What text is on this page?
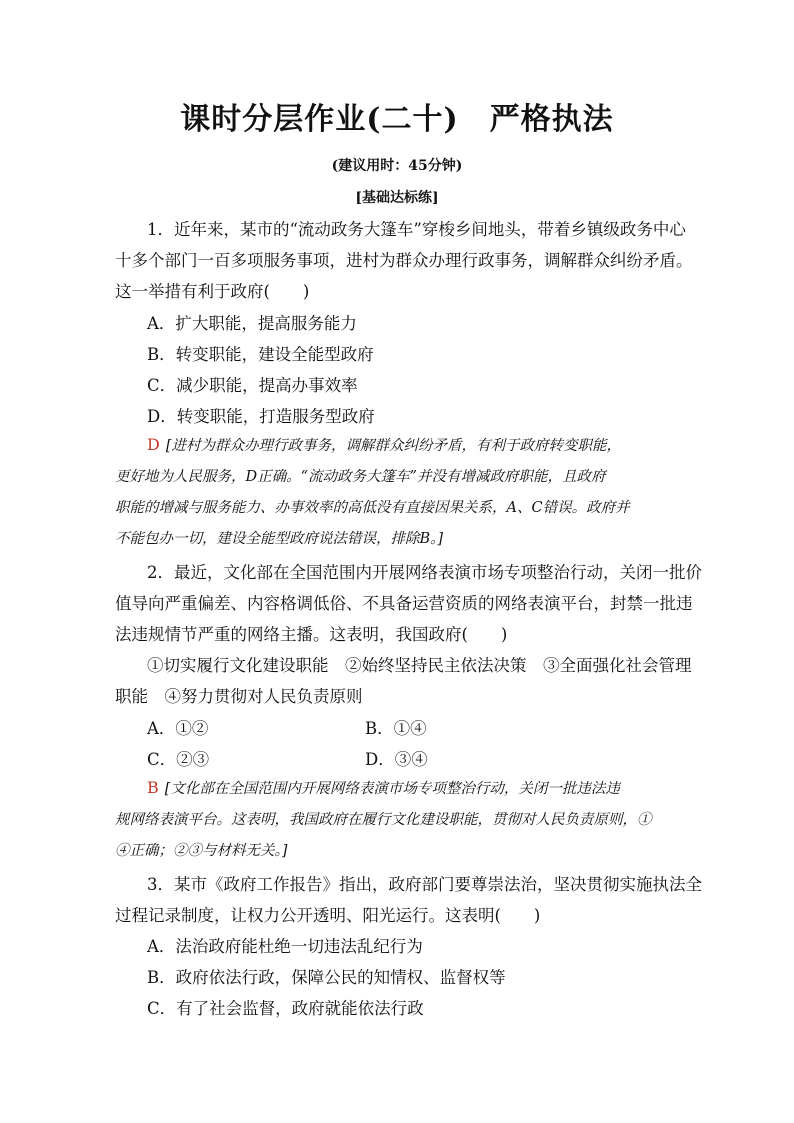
课时分层作业(二十)　严格执法
(建议用时：45分钟)
[基础达标练]
1．近年来，某市的“流动政务大篷车”穿梭乡间地头，带着乡镇级政务中心
十多个部门一百多项服务事项，进村为群众办理行政事务，调解群众纠纷矛盾。
这一举措有利于政府(　　)
A．扩大职能，提高服务能力
B．转变职能，建设全能型政府
C．减少职能，提高办事效率
D．转变职能，打造服务型政府
D [进村为群众办理行政事务，调解群众纠纷矛盾，有利于政府转变职能，
更好地为人民服务，D正确。“流动政务大篷车”并没有增减政府职能，且政府
职能的增减与服务能力、办事效率的高低没有直接因果关系，A、C错误。政府并
不能包办一切，建设全能型政府说法错误，排除B。]
2．最近，文化部在全国范围内开展网络表演市场专项整治行动，关闭一批价
值导向严重偏差、内容格调低俗、不具备运营资质的网络表演平台，封禁一批违
法违规情节严重的网络主播。这表明，我国政府(　　)
①切实履行文化建设职能　②始终坚持民主依法决策　③全面强化社会管理
职能　④努力贯彻对人民负责原则
A．①②	B．①④
C．②③	D．③④
B [文化部在全国范围内开展网络表演市场专项整治行动，关闭一批违法违
规网络表演平台。这表明，我国政府在履行文化建设职能，贯彻对人民负责原则，①
④正确；②③与材料无关。]
3．某市《政府工作报告》指出，政府部门要尊崇法治，坚决贯彻实施执法全
过程记录制度，让权力公开透明、阳光运行。这表明(　　)
A．法治政府能杜绝一切违法乱纪行为
B．政府依法行政，保障公民的知情权、监督权等
C．有了社会监督，政府就能依法行政
